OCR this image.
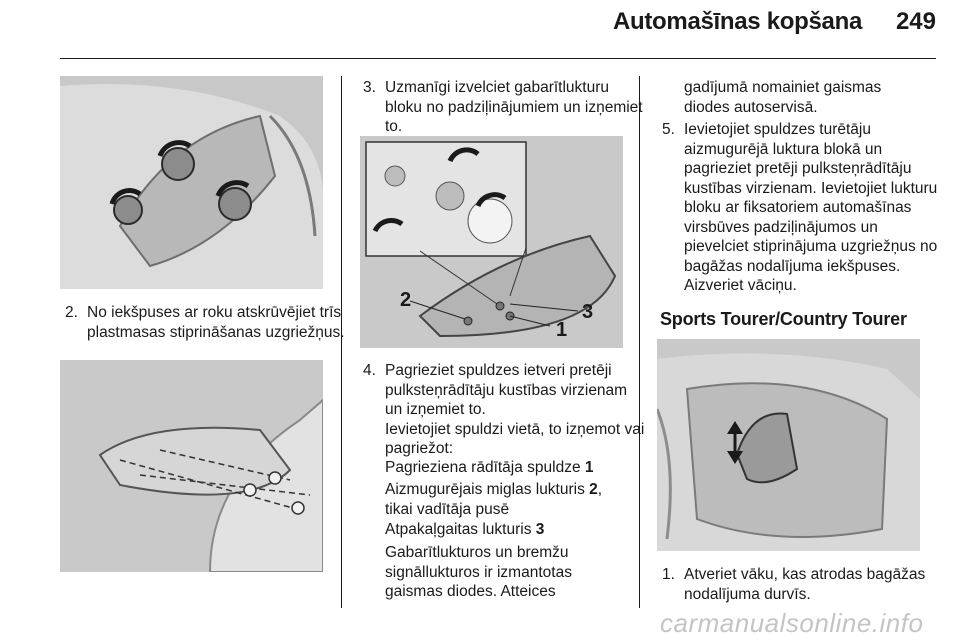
Automašīnas kopšana	249
2. No iekšpuses ar roku atskrūvējiet trīs plastmasas stiprināšanas uzgriežņus.
3. Uzmanīgi izvelciet gabarītlukturu bloku no padziļinājumiem un izņemiet to.
1
2
3
4. Pagrieziet spuldzes ietveri pretēji pulksteņrādītāju kustības virzienam un izņemiet to.
Ievietojiet spuldzi vietā, to izņemot vai pagriežot:
Pagrieziena rādītāja spuldze 1
Aizmugurējais miglas lukturis 2, tikai vadītāja pusē
Atpakaļgaitas lukturis 3
Gabarītlukturos un bremžu signāllukturos ir izmantotas gaismas diodes. Atteices
gadījumā nomainiet gaismas diodes autoservisā.
5. Ievietojiet spuldzes turētāju aizmugurējā luktura blokā un pagrieziet pretēji pulksteņrādītāju kustības virzienam. Ievietojiet lukturu bloku ar fiksatoriem automašīnas virsbūves padziļinājumos un pievelciet stiprinājuma uzgriežņus no bagāžas nodalījuma iekšpuses. Aizveriet vāciņu.
Sports Tourer/Country Tourer
1. Atveriet vāku, kas atrodas bagāžas nodalījuma durvīs.
carmanualsonline.info
